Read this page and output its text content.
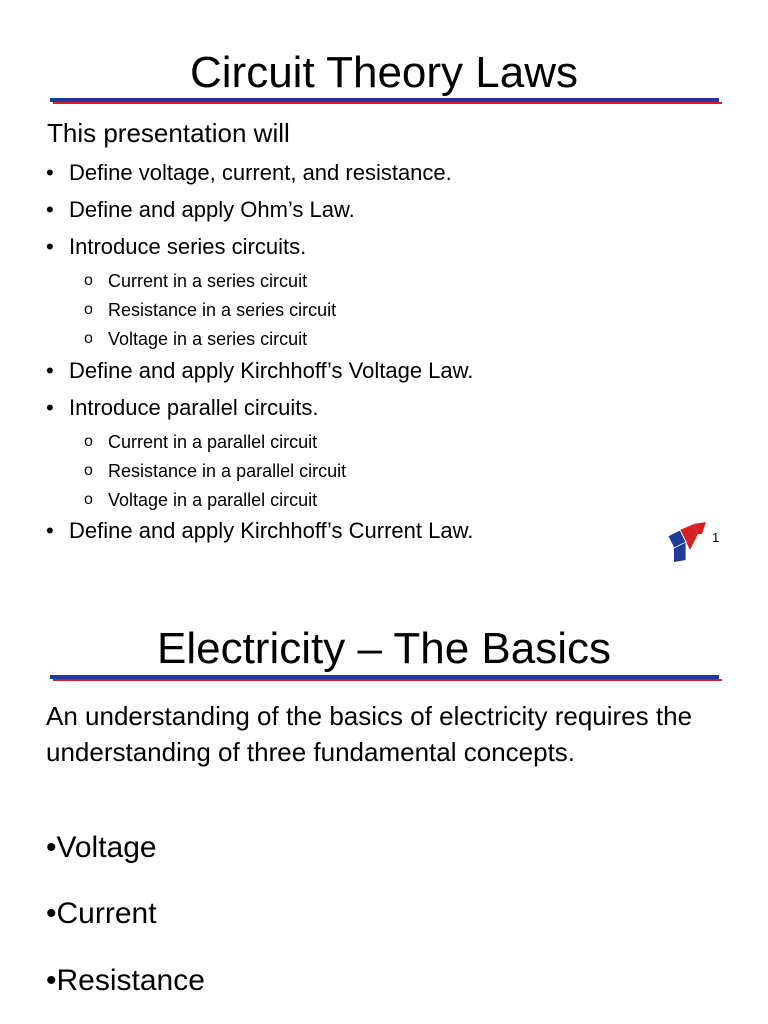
Circuit Theory Laws
This presentation will
• Define voltage, current, and resistance.
• Define and apply Ohm’s Law.
• Introduce series circuits.
o Current in a series circuit
o Resistance in a series circuit
o Voltage in a series circuit
• Define and apply Kirchhoff’s Voltage Law.
• Introduce parallel circuits.
o Current in a parallel circuit
o Resistance in a parallel circuit
o Voltage in a parallel circuit
• Define and apply Kirchhoff’s Current Law.	1
Electricity – The Basics
An understanding of the basics of electricity requires the understanding of three fundamental concepts.
•Voltage
•Current
•Resistance
